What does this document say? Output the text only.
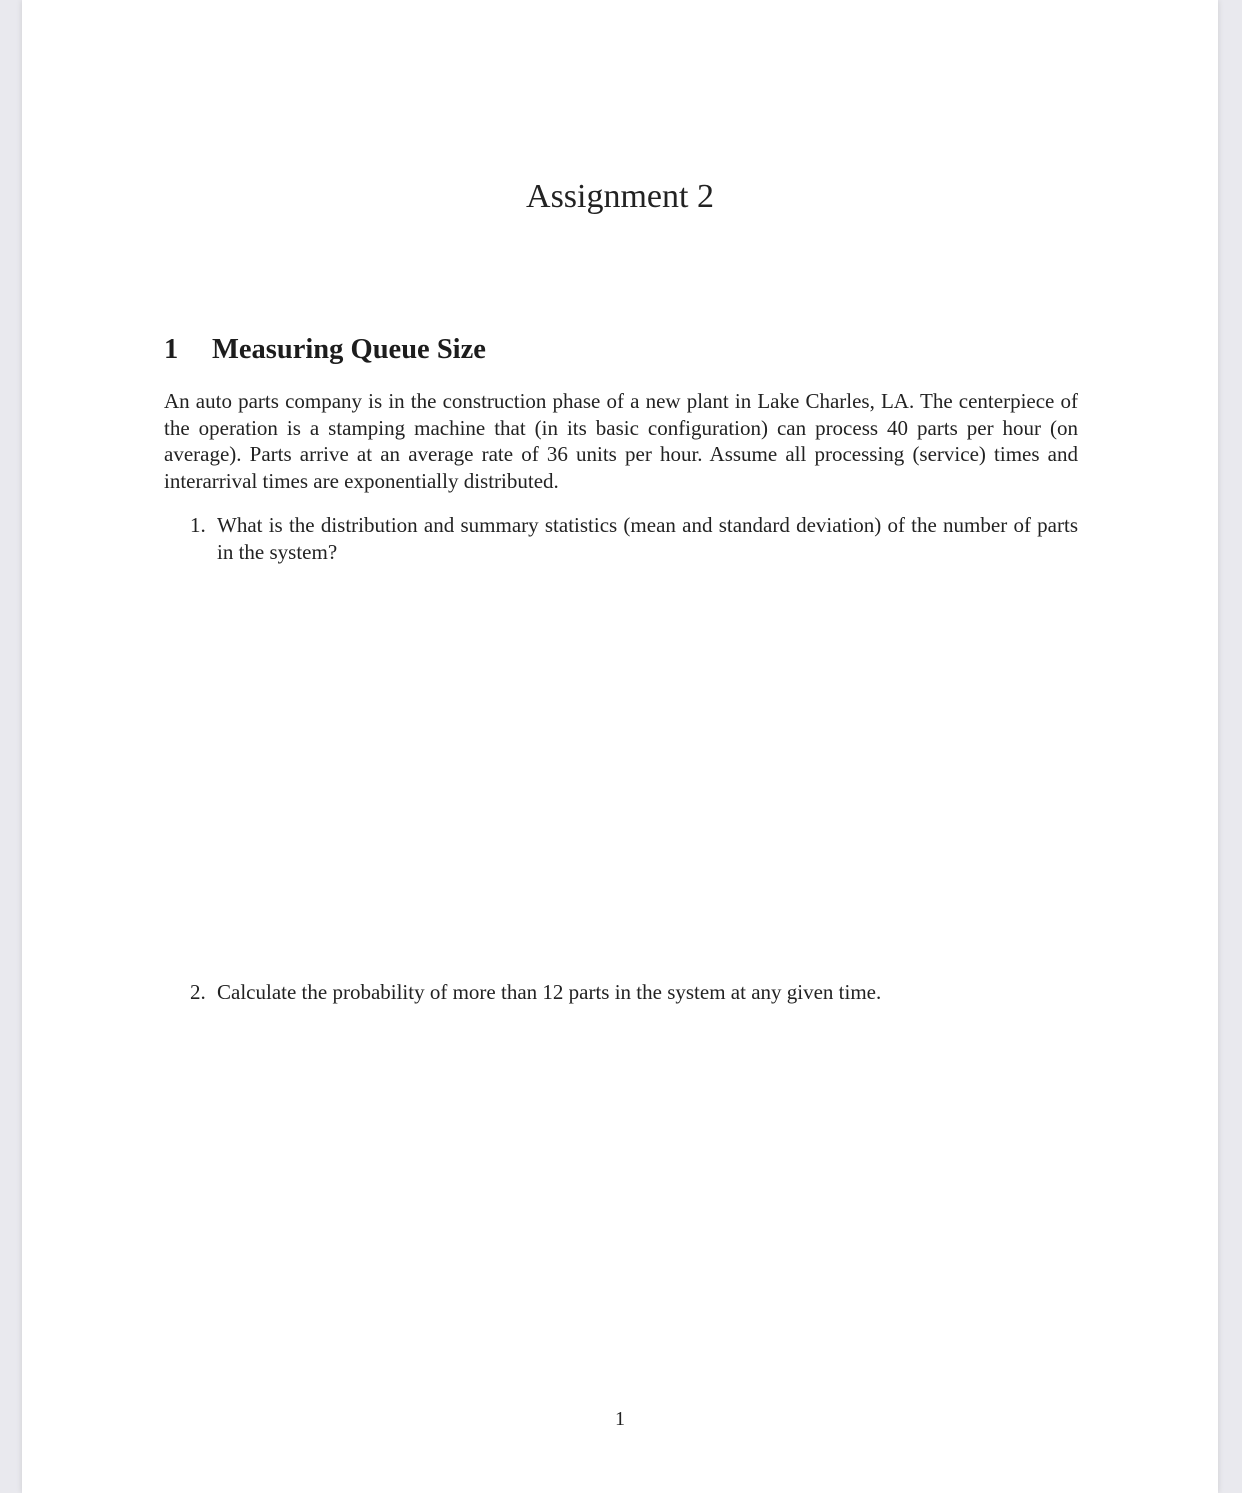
Assignment 2
1 Measuring Queue Size
An auto parts company is in the construction phase of a new plant in Lake Charles, LA. The centerpiece of the operation is a stamping machine that (in its basic configuration) can process 40 parts per hour (on average). Parts arrive at an average rate of 36 units per hour. Assume all processing (service) times and interarrival times are exponentially distributed.
1. What is the distribution and summary statistics (mean and standard deviation) of the number of parts in the system?
2. Calculate the probability of more than 12 parts in the system at any given time.
1
